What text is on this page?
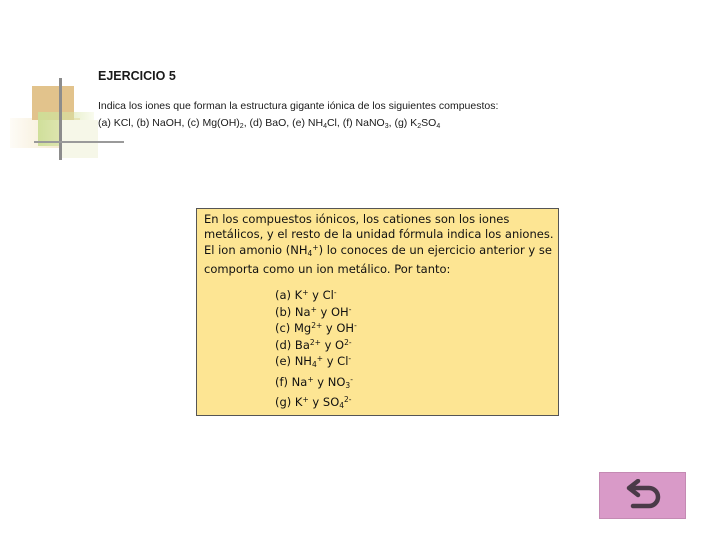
EJERCICIO 5
Indica los iones que forman la estructura gigante iónica de los siguientes compuestos:
(a) KCl, (b) NaOH, (c) $Mg(OH)_2$, (d) BaO, (e) $NH_4Cl$, (f) NaNO$_3$, (g) $K_2SO_4$
En los compuestos iónicos, los cationes son los iones metálicos, y el resto de la unidad fórmula indica los aniones. El ion amonio $(NH_4^+)$ lo conoces de un ejercicio anterior y se comporta como un ion metálico. Por tanto:
(a) K+ y Cl-
(b) Na+ y OH-
(c) $Mg^{2+}$ y OH-
(d) $Ba^{2+}$ y $O^{2-}$
(e) $NH_4^+$ y Cl-
(f) Na+ y $NO_3^-$
(g) K+ y $SO_4^{2-}$
